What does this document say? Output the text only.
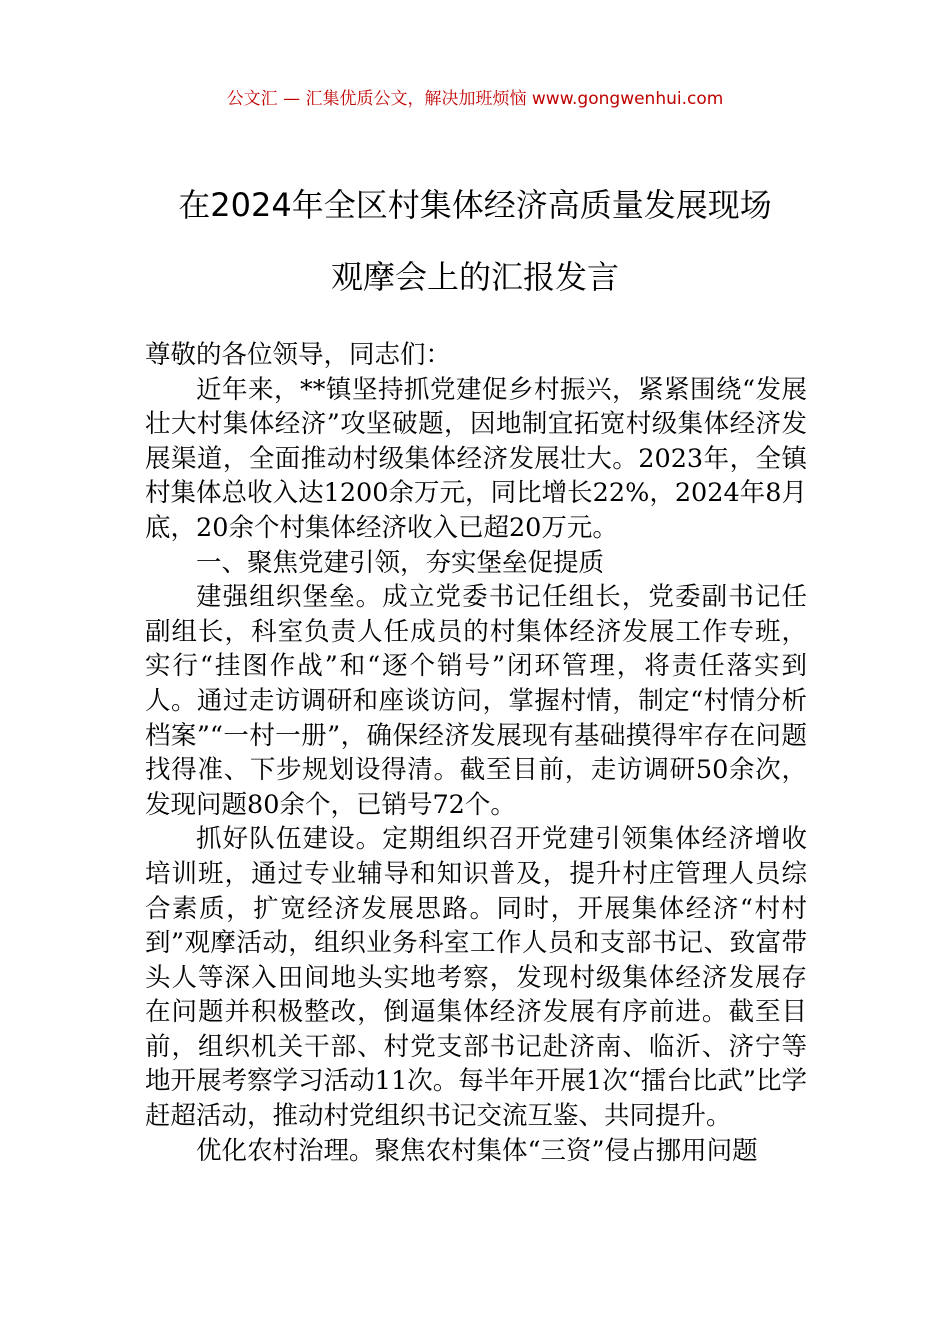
公文汇 — 汇集优质公文，解决加班烦恼 www.gongwenhui.com
在2024年全区村集体经济高质量发展现场
观摩会上的汇报发言

尊敬的各位领导，同志们：

近年来，**镇坚持抓党建促乡村振兴，紧紧围绕“发展壮大村集体经济”攻坚破题，因地制宜拓宽村级集体经济发展渠道，全面推动村级集体经济发展壮大。2023年，全镇村集体总收入达1200余万元，同比增长22%，2024年8月底，20余个村集体经济收入已超20万元。

一、聚焦党建引领，夯实堡垒促提质

建强组织堡垒。成立党委书记任组长，党委副书记任副组长，科室负责人任成员的村集体经济发展工作专班，实行“挂图作战”和“逐个销号”闭环管理，将责任落实到人。通过走访调研和座谈访问，掌握村情，制定“村情分析档案”“一村一册”，确保经济发展现有基础摸得牢存在问题找得准、下步规划设得清。截至目前，走访调研50余次，发现问题80余个，已销号72个。

抓好队伍建设。定期组织召开党建引领集体经济增收培训班，通过专业辅导和知识普及，提升村庄管理人员综合素质，扩宽经济发展思路。同时，开展集体经济“村村到”观摩活动，组织业务科室工作人员和支部书记、致富带头人等深入田间地头实地考察，发现村级集体经济发展存在问题并积极整改，倒逼集体经济发展有序前进。截至目前，组织机关干部、村党支部书记赴济南、临沂、济宁等地开展考察学习活动11次。每半年开展1次“擂台比武”比学赶超活动，推动村党组织书记交流互鉴、共同提升。

优化农村治理。聚焦农村集体“三资”侵占挪用问题
